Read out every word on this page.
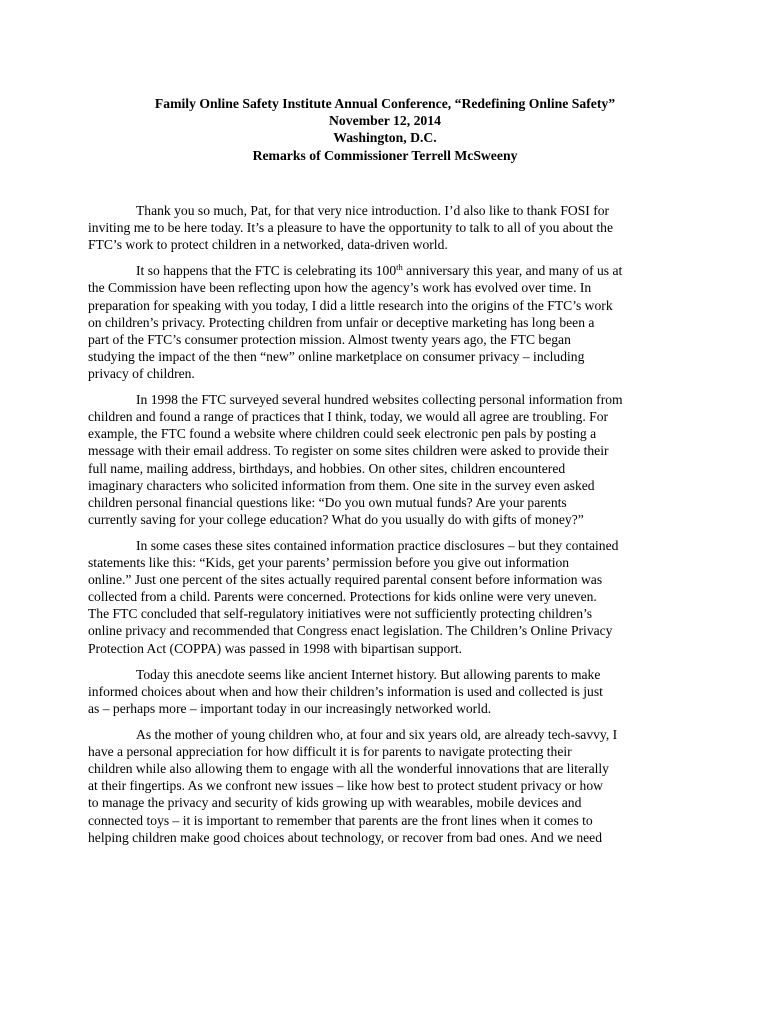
Family Online Safety Institute Annual Conference, “Redefining Online Safety”
November 12, 2014
Washington, D.C.
Remarks of Commissioner Terrell McSweeny
Thank you so much, Pat, for that very nice introduction. I’d also like to thank FOSI for
inviting me to be here today. It’s a pleasure to have the opportunity to talk to all of you about the
FTC’s work to protect children in a networked, data-driven world.
It so happens that the FTC is celebrating its 100th anniversary this year, and many of us at
the Commission have been reflecting upon how the agency’s work has evolved over time. In
preparation for speaking with you today, I did a little research into the origins of the FTC’s work
on children’s privacy. Protecting children from unfair or deceptive marketing has long been a
part of the FTC’s consumer protection mission. Almost twenty years ago, the FTC began
studying the impact of the then “new” online marketplace on consumer privacy – including
privacy of children.
In 1998 the FTC surveyed several hundred websites collecting personal information from
children and found a range of practices that I think, today, we would all agree are troubling. For
example, the FTC found a website where children could seek electronic pen pals by posting a
message with their email address. To register on some sites children were asked to provide their
full name, mailing address, birthdays, and hobbies. On other sites, children encountered
imaginary characters who solicited information from them. One site in the survey even asked
children personal financial questions like: “Do you own mutual funds? Are your parents
currently saving for your college education? What do you usually do with gifts of money?”
In some cases these sites contained information practice disclosures – but they contained
statements like this: “Kids, get your parents’ permission before you give out information
online.” Just one percent of the sites actually required parental consent before information was
collected from a child. Parents were concerned. Protections for kids online were very uneven.
The FTC concluded that self-regulatory initiatives were not sufficiently protecting children’s
online privacy and recommended that Congress enact legislation. The Children’s Online Privacy
Protection Act (COPPA) was passed in 1998 with bipartisan support.
Today this anecdote seems like ancient Internet history. But allowing parents to make
informed choices about when and how their children’s information is used and collected is just
as – perhaps more – important today in our increasingly networked world.
As the mother of young children who, at four and six years old, are already tech-savvy, I
have a personal appreciation for how difficult it is for parents to navigate protecting their
children while also allowing them to engage with all the wonderful innovations that are literally
at their fingertips. As we confront new issues – like how best to protect student privacy or how
to manage the privacy and security of kids growing up with wearables, mobile devices and
connected toys – it is important to remember that parents are the front lines when it comes to
helping children make good choices about technology, or recover from bad ones. And we need
